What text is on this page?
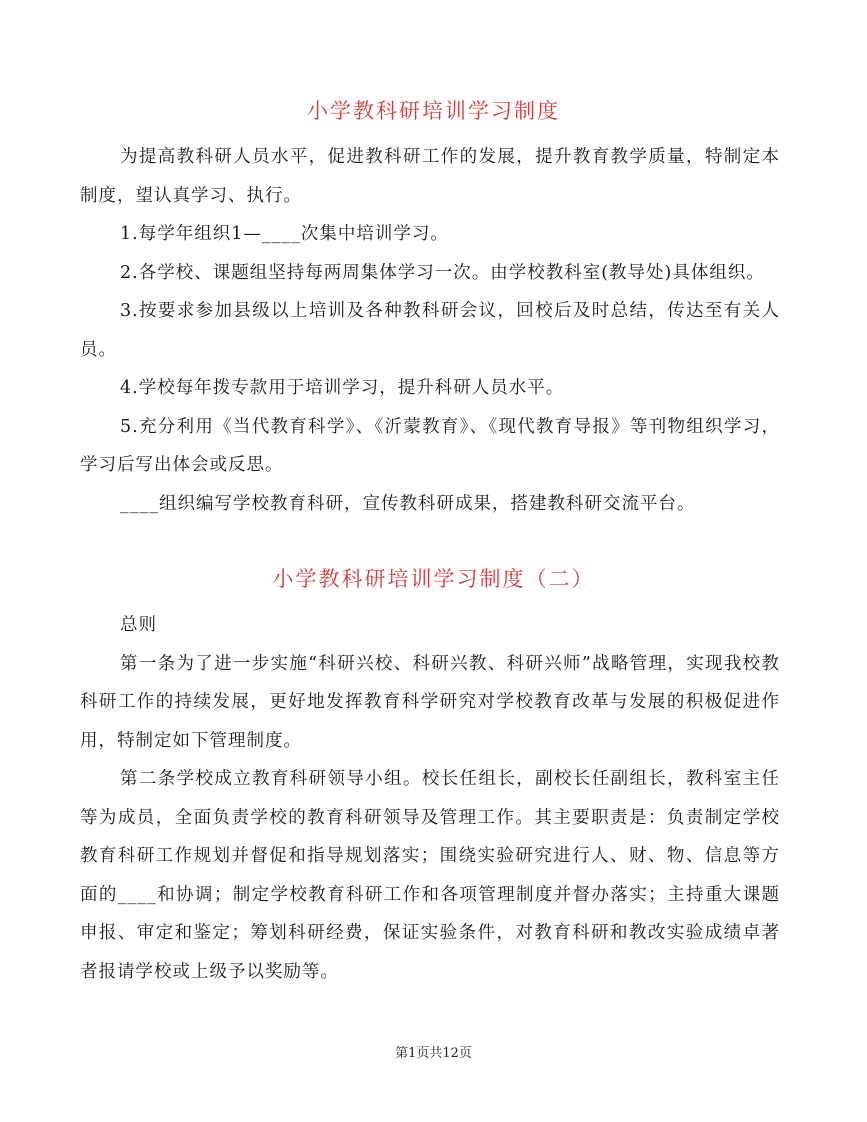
小学教科研培训学习制度

为提高教科研人员水平，促进教科研工作的发展，提升教育教学质量，特制定本制度，望认真学习、执行。

1.每学年组织1—____次集中培训学习。

2.各学校、课题组坚持每两周集体学习一次。由学校教科室(教导处)具体组织。

3.按要求参加县级以上培训及各种教科研会议，回校后及时总结，传达至有关人员。

4.学校每年拨专款用于培训学习，提升科研人员水平。

5.充分利用《当代教育科学》、《沂蒙教育》、《现代教育导报》等刊物组织学习，学习后写出体会或反思。

____组织编写学校教育科研，宣传教科研成果，搭建教科研交流平台。

小学教科研培训学习制度（二）

总则

第一条为了进一步实施“科研兴校、科研兴教、科研兴师”战略管理，实现我校教科研工作的持续发展，更好地发挥教育科学研究对学校教育改革与发展的积极促进作用，特制定如下管理制度。

第二条学校成立教育科研领导小组。校长任组长，副校长任副组长，教科室主任等为成员，全面负责学校的教育科研领导及管理工作。其主要职责是：负责制定学校教育科研工作规划并督促和指导规划落实；围绕实验研究进行人、财、物、信息等方面的____和协调；制定学校教育科研工作和各项管理制度并督办落实；主持重大课题申报、审定和鉴定；筹划科研经费，保证实验条件，对教育科研和教改实验成绩卓著者报请学校或上级予以奖励等。

第1页共12页
